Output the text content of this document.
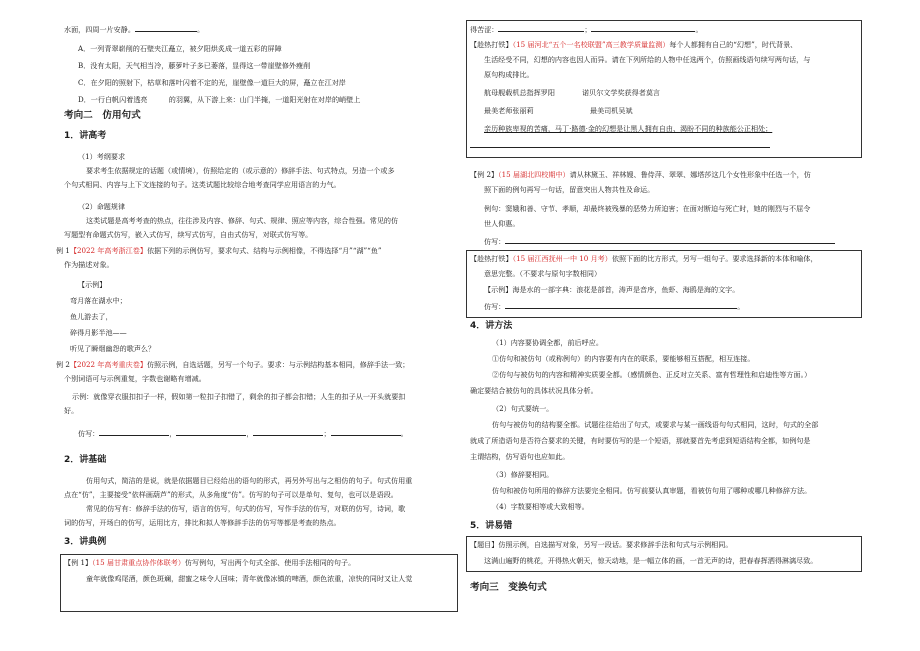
水面，四周一片安静。	。
A．一列青翠崭削的石壁夹江矗立，被夕阳烘炙成一道五彩的屏障
B．没有太阳，天气相当冷，藤萝叶子多已萎落，显得这一带崖壁修外瘦削
C．在夕阳的照射下，枯草和落叶闪着不定的光，崖壁像一道巨大的屏，矗立在江对岸
D．一行白帆闪着透亮　　　的羽翼，从下游上来：山门半掩，一道阳光射在对岸的峭壁上
考向二　仿用句式
1．讲高考
（1）考纲要求
要求考生依据规定的话题（或情境），仿照给定的（或示意的）修辞手法、句式特点，另造一个或多
个句式相同、内容与上下文连接的句子。这类试题比较综合地考查同学应用语言的力气。
（2）命题规律
这类试题是高考考查的热点，往往涉及内容、修辞、句式、规律、照应等内容，综合性强。常见的仿
写题型有命题式仿写，嵌入式仿写，续写式仿写，自由式仿写，对联式仿写等。
例 1【2022 年高考浙江卷】依据下列的示例仿写，要求句式、结构与示例相像，不得选择“月”“湖”“鱼”
作为描述对象。
【示例】
弯月落在湖水中；
鱼儿游去了，
碎得月影半池——
听见了瞬烟幽怨的歌声么？
例 2【2022 年高考重庆卷】仿照示例，自选话题，另写一个句子。要求：与示例结构基本相同，修辞手法一致；
个别词语可与示例重复，字数也谢略有增减。
示例：就像穿衣服扣扣子一样，假如第一粒扣子扣错了，剩余的扣子都会扣错；人生的扣子从一开头就要扣
好。
仿写：	，	，	；	。
2．讲基础
仿用句式，简洁的是说，就是依据题目已经给出的语句的形式，再另外写出与之相仿的句子。句式仿用重
点在“仿”，主要接受“依样画葫芦”的形式，从多角度“仿”。仿写的句子可以是单句、复句，也可以是语段。
常见的仿写有：修辞手法的仿写，语言的仿写，句式的仿写，写作手法的仿写，对联的仿写，诗词，歌
词的仿写，开场白的仿写，运用比方，排比和拟人等修辞手法的仿写等都是考查的热点。
3．讲典例
【例 1】（15 届甘肃重点协作体联考）仿写例句，写出两个句式全部、使用手法相同的句子。
童年就像鸡尾酒，颜色斑斓，甜蜜之味令人回味；青年就像冰镇的啤酒，颜色浓重，凉快的同时又让人觉
得苦涩：	；	。
【趁热打铁】（15 届河北“五个一名校联盟”高三教学质量监测）每个人都拥有自己的“幻想”，时代背景、
生活经受不同，幻想的内容也因人而异。请在下列所给的人物中任选两个，仿照画线语句续写两句话，与
原句构成排比。
航母舰载机总指挥罗阳	诺贝尔文学奖获得者莫言
最美老师张丽莉	最美司机吴斌
亲历种族卑视的苦痛，马丁·路德·金的幻想是让黑人拥有自由、渴盼不同的种族能公正相处；
【例 2】（15 届湖北四校期中）请从林黛玉、祥林嫂、鲁侍萍、翠翠、娜塔莎这几个女性形象中任选一个，仿
照下面的例句再写一句话，留意突出人物共性及命运。
例句：窦娥和善、守节、孝顺，却最终被残暴的恶势力所迫害；在面对断迫与死亡时，她的刚烈与不屈令
世人仰惠。
仿写：
【趁热打铁】（15 届江西抚州一中 10 月考）依照下面的比方形式，另写一组句子。要求选择新的本体和喻体，
意思完整。（不要求与原句字数相同）
【示例】海是水的一部字典：浪花是部首，涛声是音序，鱼虾、海鸥是海的文字。
仿写：	。
4．讲方法
（1）内容要协调全都，前后呼应。
①仿句和被仿句（或称例句）的内容要有内在的联系，要能够相互搭配，相互连接。
②仿句与被仿句的内容和精神实质要全都。（感情颜色、正反对立关系、富有哲理性和启迪性等方面。）
确定要结合被仿句的具体状况具体分析。
（2）句式要统一。
仿句与被仿句的结构要全都。试题往往给出了句式，或要求与某一画线语句句式相同，这时，句式的全部
就成了所造语句是否符合要求的关键，有时要仿写的是一个短语，那就要首先考虑到短语结构全都，如例句是
主谓结构，仿写语句也应如此。
（3）修辞要相同。
仿句和被仿句所用的修辞方法要完全相同。仿写前要认真审题，看被仿句用了哪种或哪几种修辞方法。
（4）字数要相等或大致相等。
5．讲易错
【题目】仿照示例，自选描写对象，另写一段话。要求修辞手法和句式与示例相同。
这满山遍野的桃花，开得热火朝天，惊天动地，是一幅立体的画，一首无声的诗，把春春挥洒得淋漓尽致。
考向三　变换句式
